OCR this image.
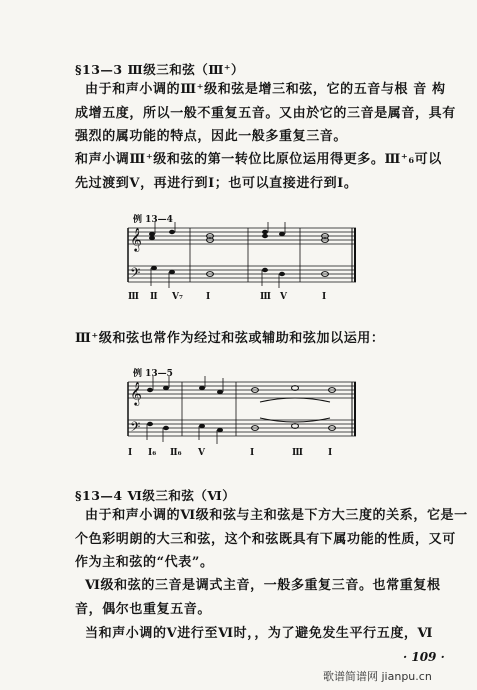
§13—3 Ⅲ级三和弦（Ⅲ⁺）
由于和声小调的Ⅲ⁺级和弦是增三和弦，它的五音与根 音 构
成增五度，所以一般不重复五音。又由於它的三音是属音，具有
强烈的属功能的特点，因此一般多重复三音。
和声小调Ⅲ⁺级和弦的第一转位比原位运用得更多。Ⅲ⁺₆可以
先过渡到Ⅴ，再进行到Ⅰ；也可以直接进行到Ⅰ。
例 13—4
𝄞
𝄢
Ⅲ Ⅱ Ⅴ₇	Ⅰ	Ⅲ Ⅴ	Ⅰ
Ⅲ⁺级和弦也常作为经过和弦或辅助和弦加以运用：
例 13—5
𝄞
𝄢
Ⅰ Ⅰ₆ Ⅱ₆ Ⅴ	Ⅰ	Ⅲ	Ⅰ
§13—4 Ⅵ级三和弦（Ⅵ）
由于和声小调的Ⅵ级和弦与主和弦是下方大三度的关系，它是一
个色彩明朗的大三和弦，这个和弦既具有下属功能的性质，又可
作为主和弦的“代表”。
Ⅵ级和弦的三音是调式主音，一般多重复三音。也常重复根
音，偶尔也重复五音。
当和声小调的Ⅴ进行至Ⅵ时，，为了避免发生平行五度，Ⅵ
· 109 ·
歌谱简谱网 jianpu.cn
